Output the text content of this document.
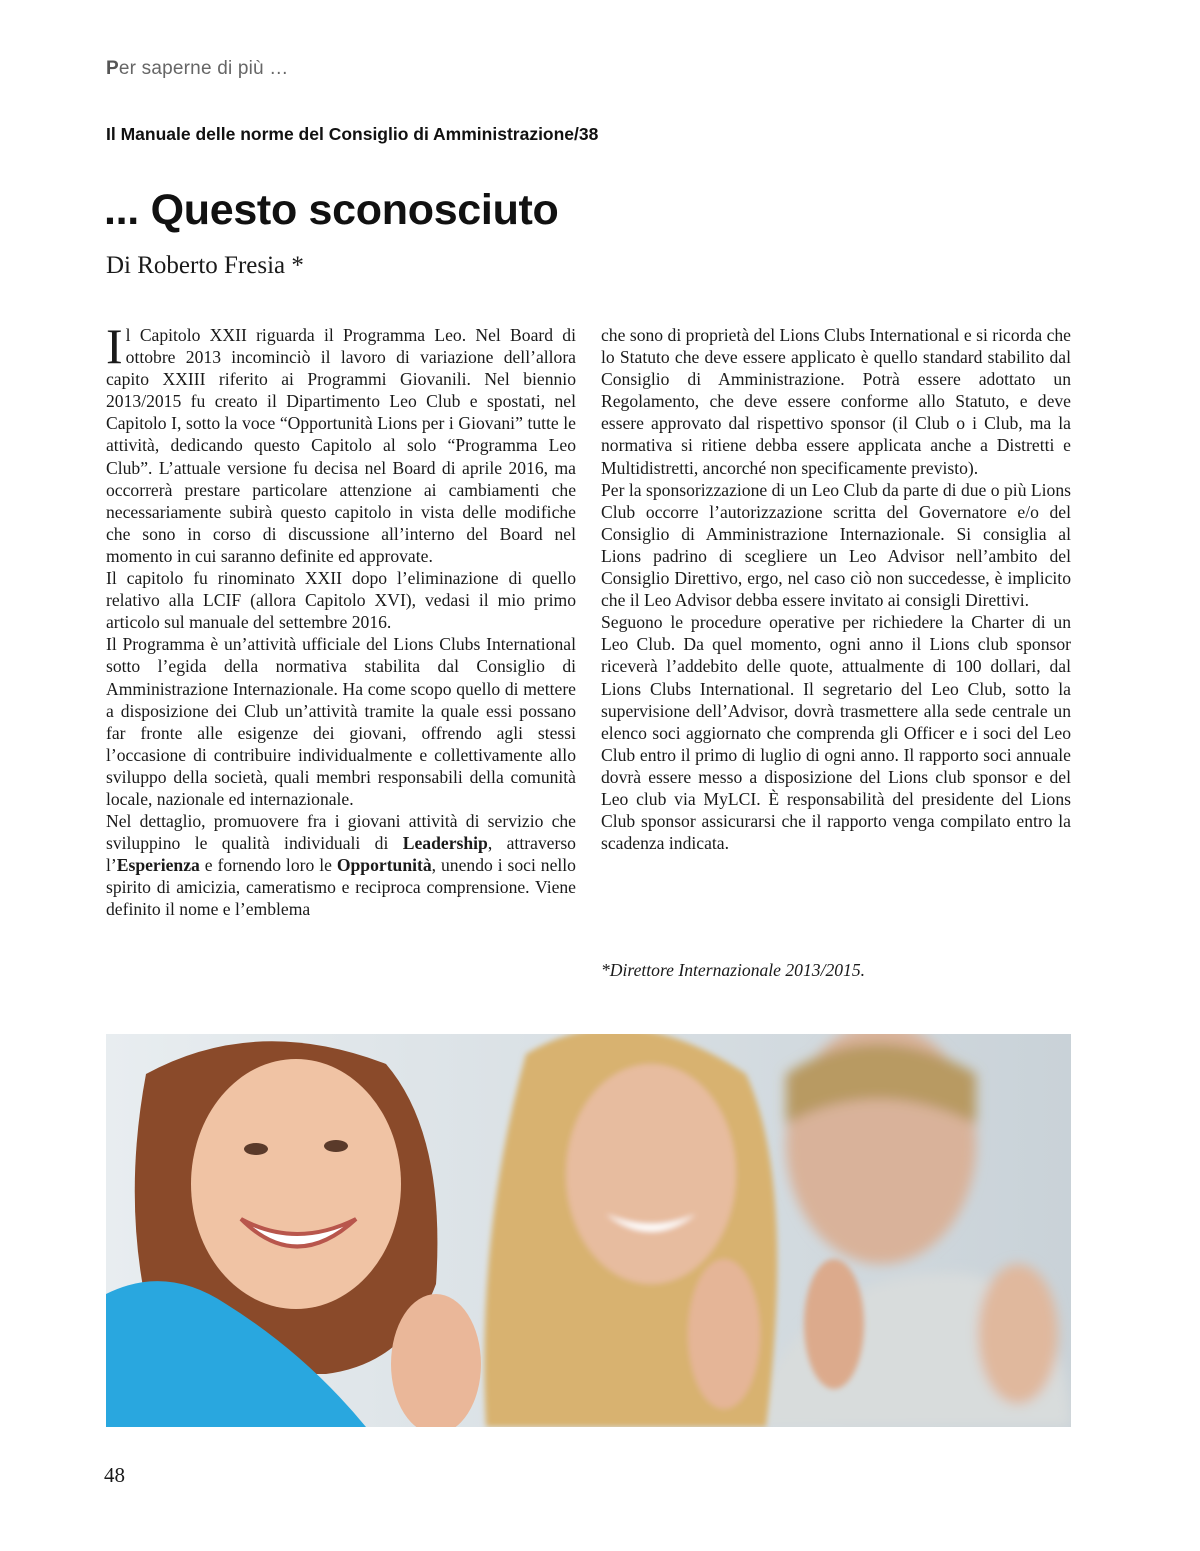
Per saperne di più …
Il Manuale delle norme del Consiglio di Amministrazione/38
... Questo sconosciuto
Di Roberto Fresia *

Il Capitolo XXII riguarda il Programma Leo. Nel Board di ottobre 2013 incominciò il lavoro di variazione dell’allora capito XXIII riferito ai Programmi Giovanili. Nel biennio 2013/2015 fu creato il Dipartimento Leo Club e spostati, nel Capitolo I, sotto la voce “Opportunità Lions per i Giovani” tutte le attività, dedicando questo Capitolo al solo “Programma Leo Club”. L’attuale versione fu decisa nel Board di aprile 2016, ma occorrerà prestare particolare attenzione ai cambiamenti che necessariamente subirà questo capitolo in vista delle modifiche che sono in corso di discussione all’interno del Board nel momento in cui saranno definite ed approvate.

Il capitolo fu rinominato XXII dopo l’eliminazione di quello relativo alla LCIF (allora Capitolo XVI), vedasi il mio primo articolo sul manuale del settembre 2016.

Il Programma è un’attività ufficiale del Lions Clubs International sotto l’egida della normativa stabilita dal Consiglio di Amministrazione Internazionale. Ha come scopo quello di mettere a disposizione dei Club un’attività tramite la quale essi possano far fronte alle esigenze dei giovani, offrendo agli stessi l’occasione di contribuire individualmente e collettivamente allo sviluppo della società, quali membri responsabili della comunità locale, nazionale ed internazionale.

Nel dettaglio, promuovere fra i giovani attività di servizio che sviluppino le qualità individuali di Leadership, attraverso l’Esperienza e fornendo loro le Opportunità, unendo i soci nello spirito di amicizia, cameratismo e reciproca comprensione. Viene definito il nome e l’emblema

che sono di proprietà del Lions Clubs International e si ricorda che lo Statuto che deve essere applicato è quello standard stabilito dal Consiglio di Amministrazione. Potrà essere adottato un Regolamento, che deve essere conforme allo Statuto, e deve essere approvato dal rispettivo sponsor (il Club o i Club, ma la normativa si ritiene debba essere applicata anche a Distretti e Multidistretti, ancorché non specificamente previsto).

Per la sponsorizzazione di un Leo Club da parte di due o più Lions Club occorre l’autorizzazione scritta del Governatore e/o del Consiglio di Amministrazione Internazionale. Si consiglia al Lions padrino di scegliere un Leo Advisor nell’ambito del Consiglio Direttivo, ergo, nel caso ciò non succedesse, è implicito che il Leo Advisor debba essere invitato ai consigli Direttivi.

Seguono le procedure operative per richiedere la Charter di un Leo Club. Da quel momento, ogni anno il Lions club sponsor riceverà l’addebito delle quote, attualmente di 100 dollari, dal Lions Clubs International. Il segretario del Leo Club, sotto la supervisione dell’Advisor, dovrà trasmettere alla sede centrale un elenco soci aggiornato che comprenda gli Officer e i soci del Leo Club entro il primo di luglio di ogni anno. Il rapporto soci annuale dovrà essere messo a disposizione del Lions club sponsor e del Leo club via MyLCI. È responsabilità del presidente del Lions Club sponsor assicurarsi che il rapporto venga compilato entro la scadenza indicata.

*Direttore Internazionale 2013/2015.
48
